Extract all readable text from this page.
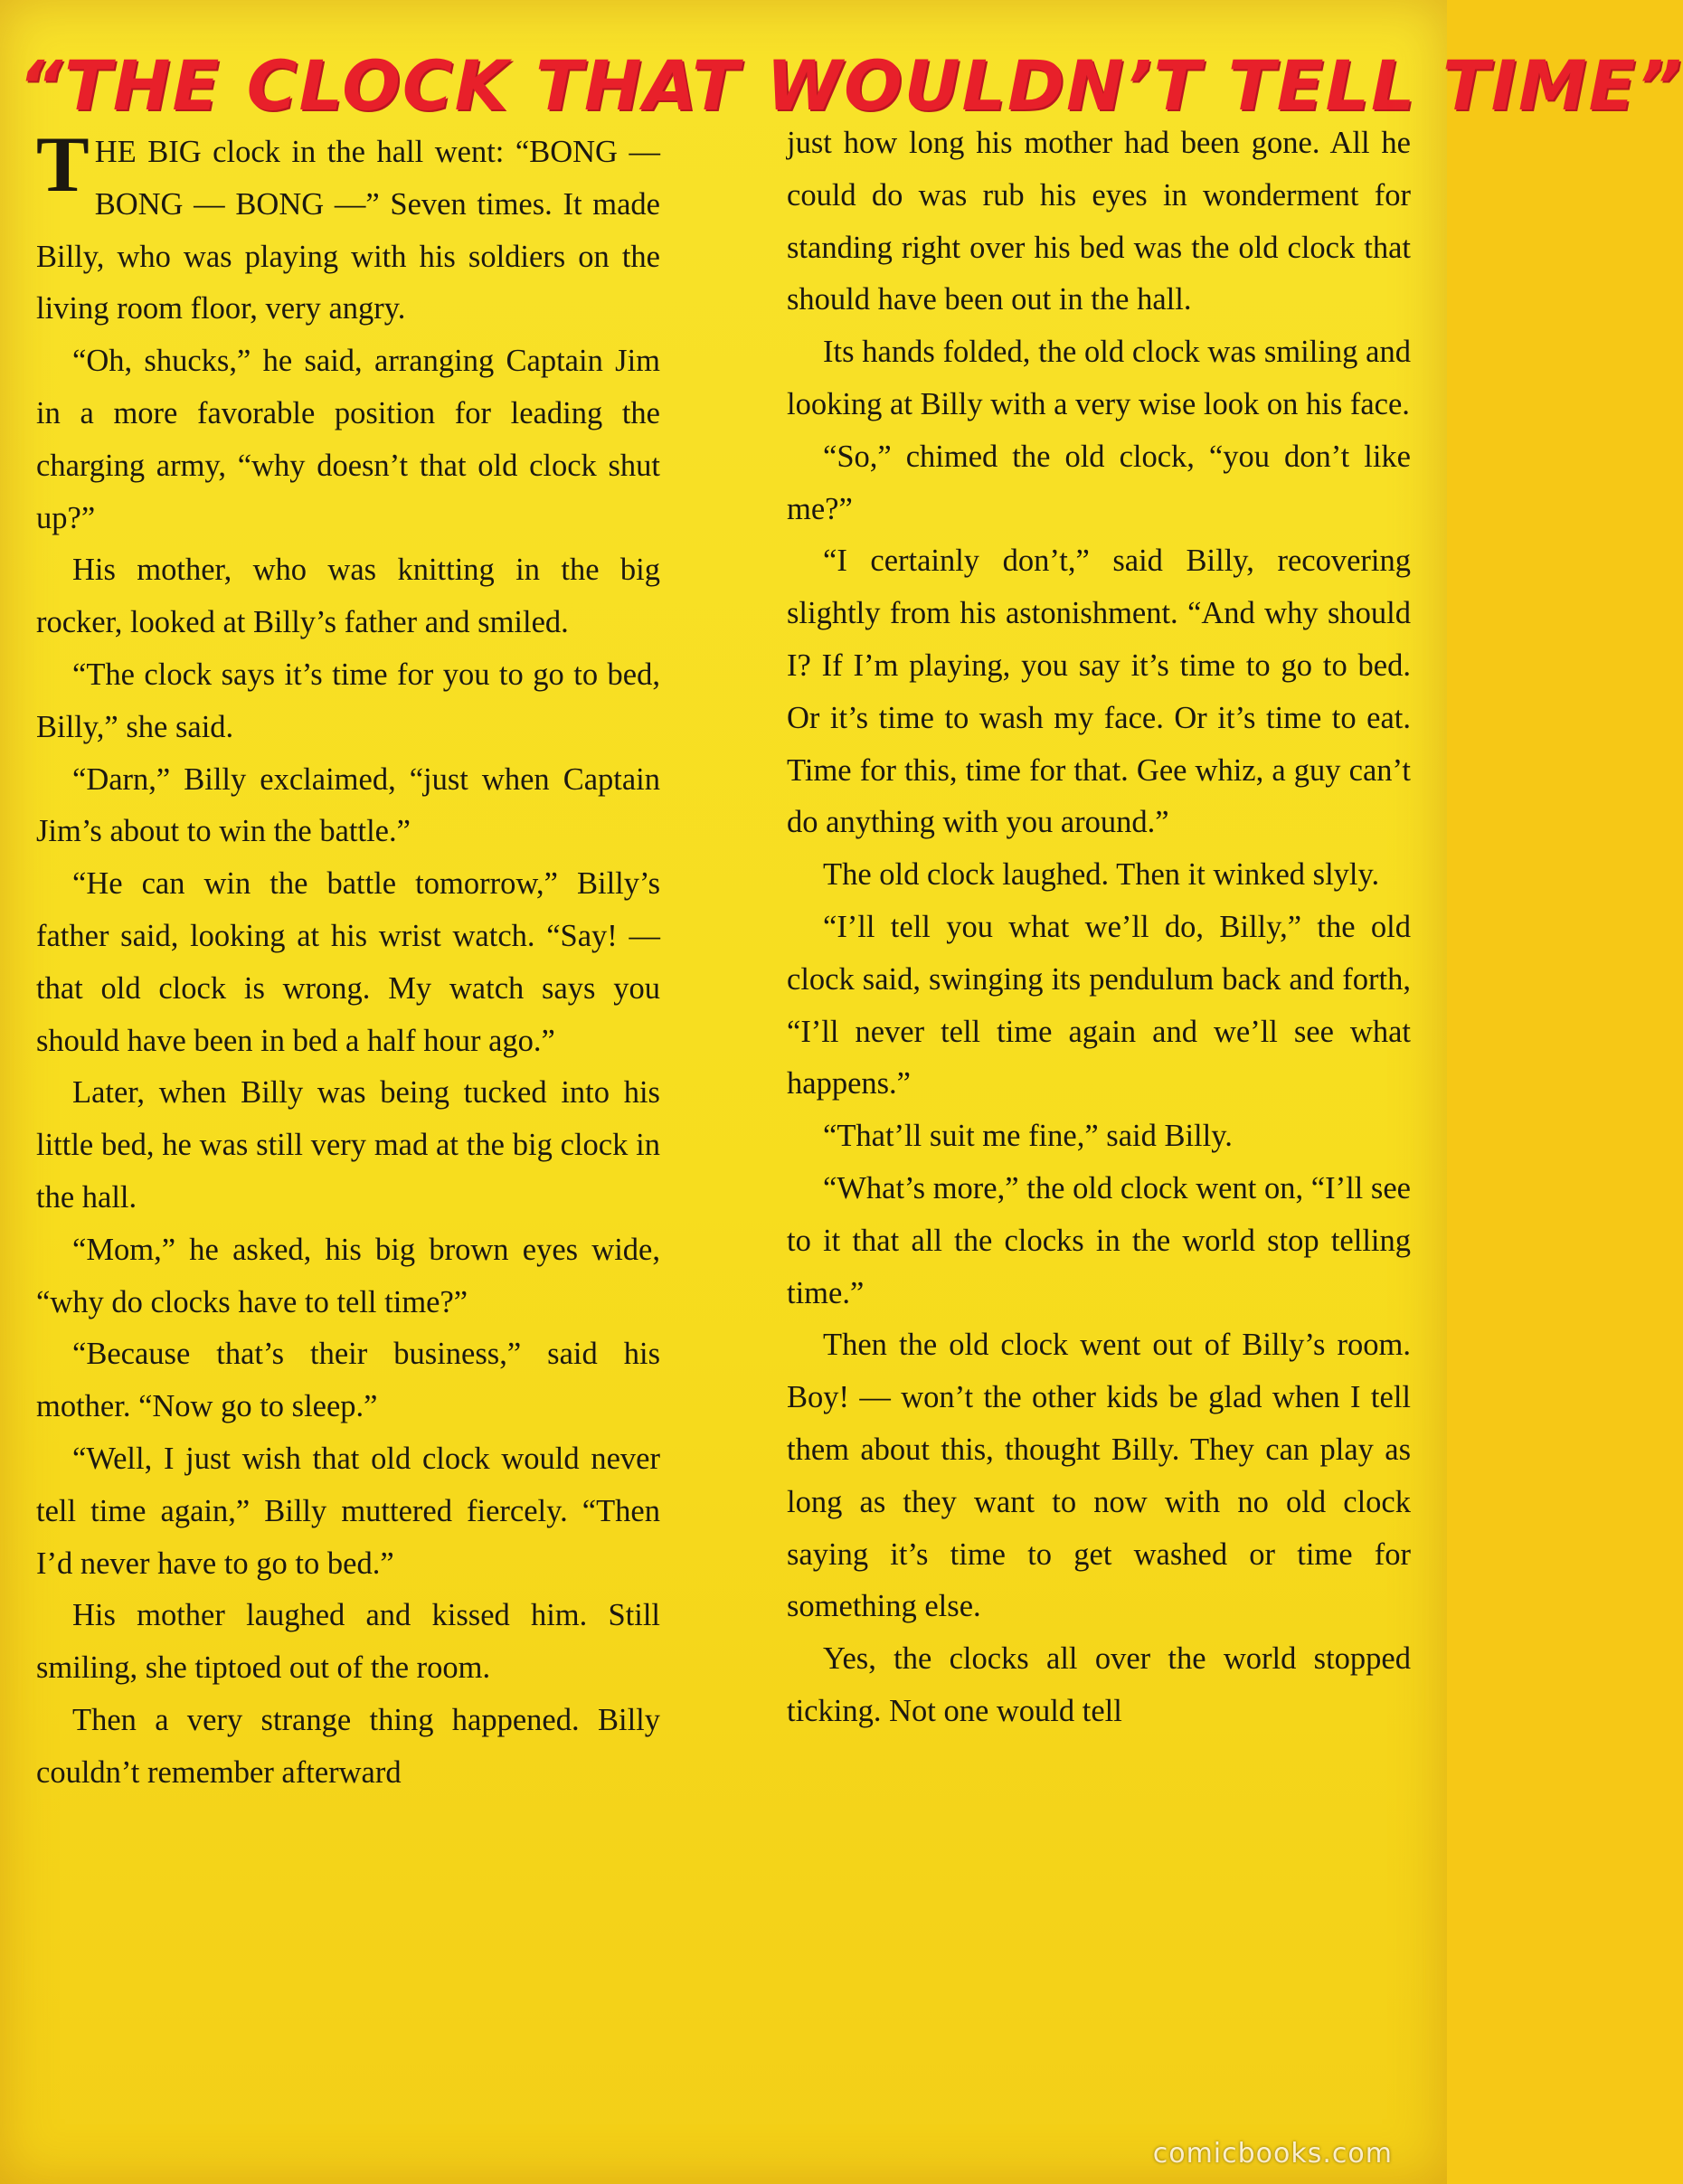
“THE CLOCK THAT WOULDN’T TELL TIME”

THE BIG clock in the hall went: “BONG — BONG — BONG —” Seven times. It made Billy, who was playing with his soldiers on the living room floor, very angry.

“Oh, shucks,” he said, arranging Captain Jim in a more favorable position for leading the charging army, “why doesn’t that old clock shut up?”

His mother, who was knitting in the big rocker, looked at Billy’s father and smiled.

“The clock says it’s time for you to go to bed, Billy,” she said.

“Darn,” Billy exclaimed, “just when Captain Jim’s about to win the battle.”

“He can win the battle tomorrow,” Billy’s father said, looking at his wrist watch. “Say! — that old clock is wrong. My watch says you should have been in bed a half hour ago.”

Later, when Billy was being tucked into his little bed, he was still very mad at the big clock in the hall.

“Mom,” he asked, his big brown eyes wide, “why do clocks have to tell time?”

“Because that’s their business,” said his mother. “Now go to sleep.”

“Well, I just wish that old clock would never tell time again,” Billy muttered fiercely. “Then I’d never have to go to bed.”

His mother laughed and kissed him. Still smiling, she tiptoed out of the room.

Then a very strange thing happened. Billy couldn’t remember afterward

just how long his mother had been gone. All he could do was rub his eyes in wonderment for standing right over his bed was the old clock that should have been out in the hall.

Its hands folded, the old clock was smiling and looking at Billy with a very wise look on his face.

“So,” chimed the old clock, “you don’t like me?”

“I certainly don’t,” said Billy, recovering slightly from his astonishment. “And why should I? If I’m playing, you say it’s time to go to bed. Or it’s time to wash my face. Or it’s time to eat. Time for this, time for that. Gee whiz, a guy can’t do anything with you around.”

The old clock laughed. Then it winked slyly.

“I’ll tell you what we’ll do, Billy,” the old clock said, swinging its pendulum back and forth, “I’ll never tell time again and we’ll see what happens.”

“That’ll suit me fine,” said Billy.

“What’s more,” the old clock went on, “I’ll see to it that all the clocks in the world stop telling time.”

Then the old clock went out of Billy’s room. Boy! — won’t the other kids be glad when I tell them about this, thought Billy. They can play as long as they want to now with no old clock saying it’s time to get washed or time for something else.

Yes, the clocks all over the world stopped ticking. Not one would tell

comicbooks.com
